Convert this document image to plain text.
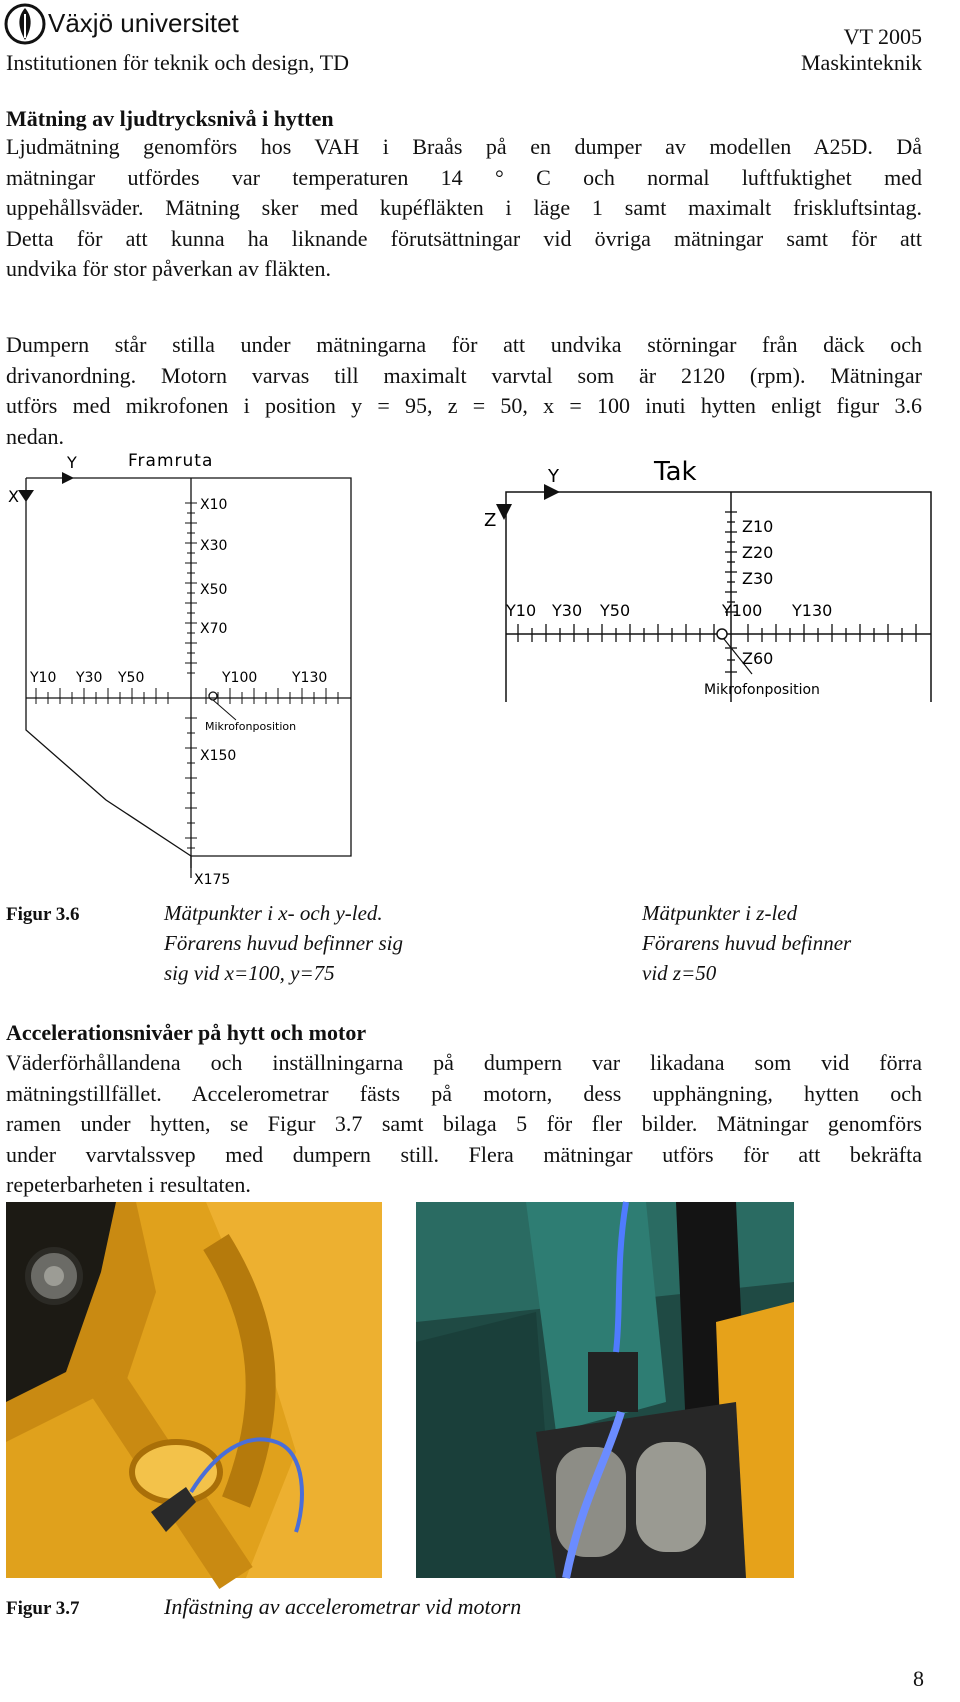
Växjö universitet
Institutionen för teknik och design, TD
VT 2005
Maskinteknik
Mätning av ljudtrycksnivå i hytten
Ljudmätning genomförs hos VAH i Braås på en dumper av modellen A25D. Då
mätningar utfördes var temperaturen 14 ° C och normal luftfuktighet med
uppehållsväder. Mätning sker med kupéfläkten i läge 1 samt maximalt friskluftsintag.
Detta för att kunna ha liknande förutsättningar vid övriga mätningar samt för att
undvika för stor påverkan av fläkten.
Dumpern står stilla under mätningarna för att undvika störningar från däck och
drivanordning. Motorn varvas till maximalt varvtal som är 2120 (rpm). Mätningar
utförs med mikrofonen i position y = 95, z = 50, x = 100 inuti hytten enligt figur 3.6
nedan.
Framruta
Y
X	X10
X30
X50
X70
X150
X175
Y10 Y30 Y50	Y100 Y130
Mikrofonposition
Tak
Y
Z	Z10
Z20
Z30
Z60
Y10 Y30 Y50	Y100 Y130
Mikrofonposition
Figur 3.6	Mätpunkter i x- och y-led.
Förarens huvud befinner sig
sig vid x=100, y=75
Mätpunkter i z-led
Förarens huvud befinner
vid z=50
Accelerationsnivåer på hytt och motor
Väderförhållandena och inställningarna på dumpern var likadana som vid förra
mätningstillfället. Accelerometrar fästs på motorn, dess upphängning, hytten och
ramen under hytten, se Figur 3.7 samt bilaga 5 för fler bilder. Mätningar genomförs
under varvtalssvep med dumpern still. Flera mätningar utförs för att bekräfta
repeterbarheten i resultaten.
Figur 3.7	Infästning av accelerometrar vid motorn
8
